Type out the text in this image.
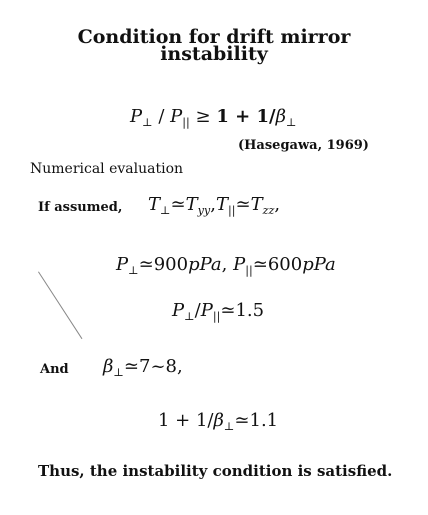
Condition for drift mirror
instability
$P_\perp / P_{||} \ge 1 + 1/\beta_\perp$
(Hasegawa, 1969)
Numerical evaluation
If assumed, $T_\perp≃T_{yy},T_{||}≃T_{zz}$,
$P_\perp≃900pPa$, $P_{||}≃600pPa$
$P_\perp/P_{||}≃1.5$
And $\beta_\perp≃7\sim 8$,
$1 + 1/\beta_\perp≃1.1$
Thus, the instability condition is satisfied.
